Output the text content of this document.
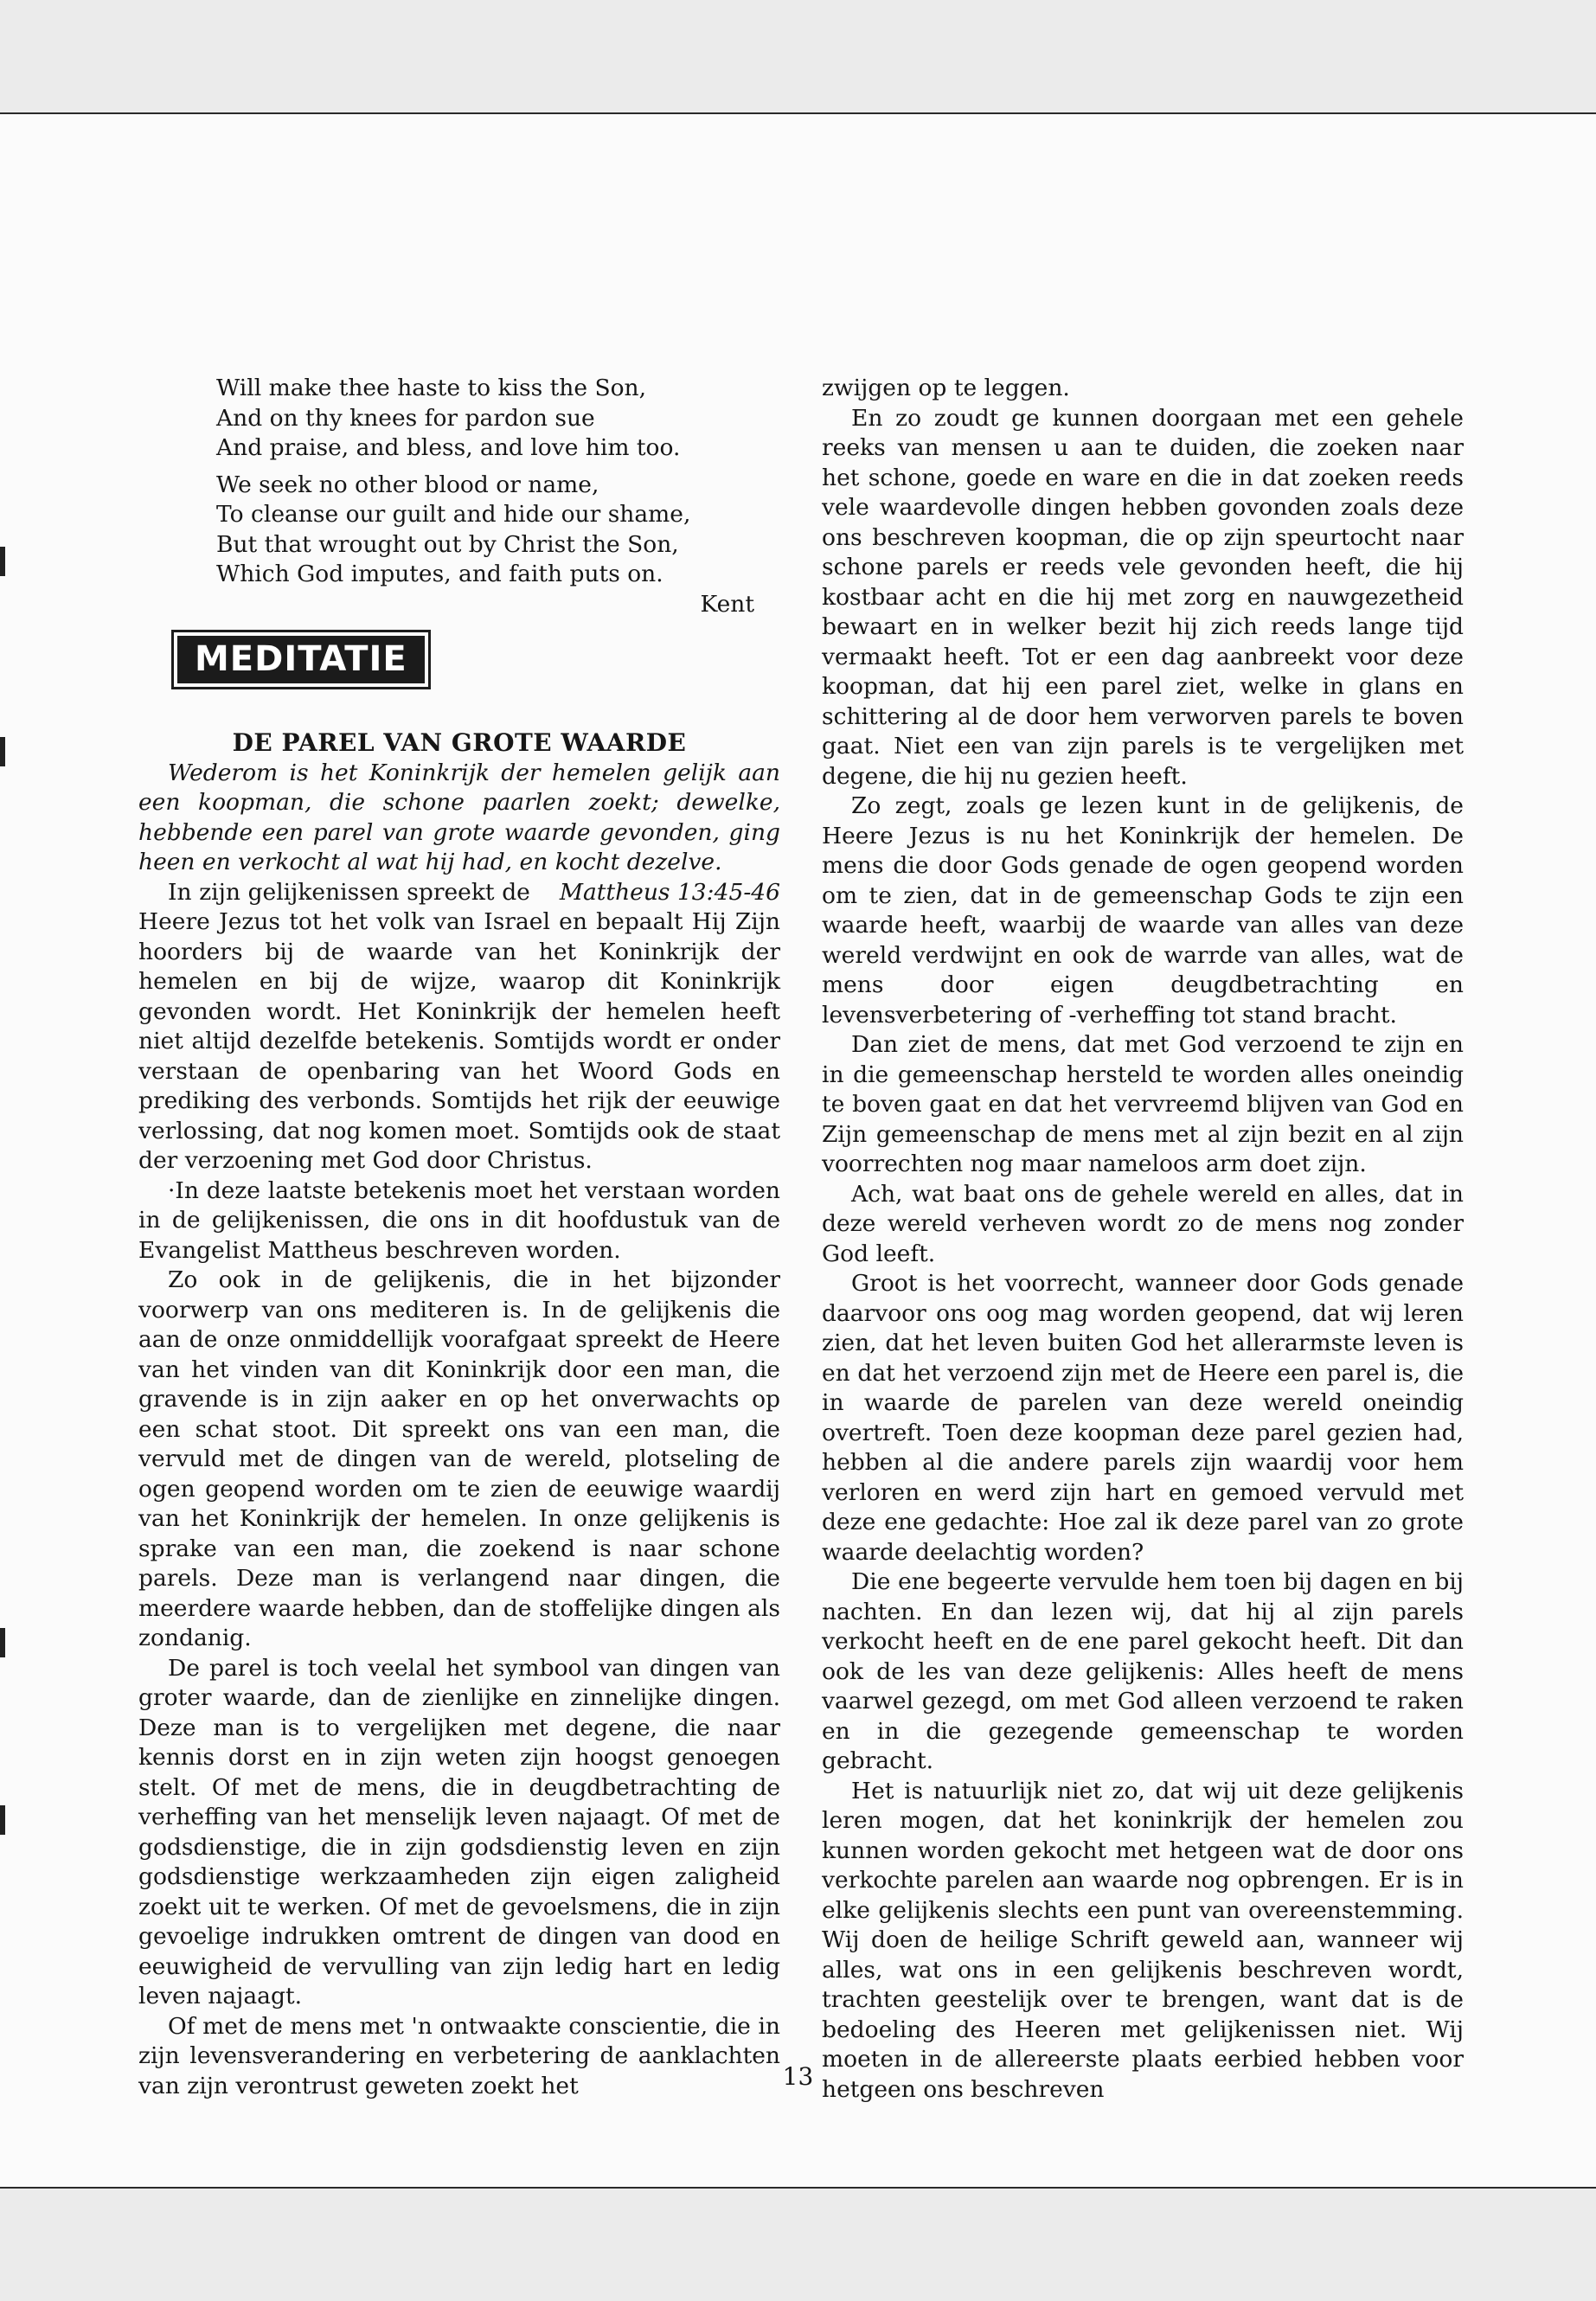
Will make thee haste to kiss the Son,
And on thy knees for pardon sue
And praise, and bless, and love him too.
We seek no other blood or name,
To cleanse our guilt and hide our shame,
But that wrought out by Christ the Son,
Which God imputes, and faith puts on.
Kent
MEDITATIE
DE PAREL VAN GROTE WAARDE

Wederom is het Koninkrijk der hemelen gelijk aan een koopman, die schone paarlen zoekt; dewelke, hebbende een parel van grote waarde gevonden, ging heen en verkocht al wat hij had, en kocht dezelve.
Mattheus 13:45-46

In zijn gelijkenissen spreekt de Heere Jezus tot het volk van Israel en bepaalt Hij Zijn hoorders bij de waarde van het Koninkrijk der hemelen en bij de wijze, waarop dit Koninkrijk gevonden wordt. Het Koninkrijk der hemelen heeft niet altijd dezelfde betekenis. Somtijds wordt er onder verstaan de openbaring van het Woord Gods en prediking des verbonds. Somtijds het rijk der eeuwige verlossing, dat nog komen moet. Somtijds ook de staat der verzoening met God door Christus.

·In deze laatste betekenis moet het verstaan worden in de gelijkenissen, die ons in dit hoofdustuk van de Evangelist Mattheus beschreven worden.

Zo ook in de gelijkenis, die in het bijzonder voorwerp van ons mediteren is. In de gelijkenis die aan de onze onmiddellijk voorafgaat spreekt de Heere van het vinden van dit Koninkrijk door een man, die gravende is in zijn aaker en op het onverwachts op een schat stoot. Dit spreekt ons van een man, die vervuld met de dingen van de wereld, plotseling de ogen geopend worden om te zien de eeuwige waardij van het Koninkrijk der hemelen. In onze gelijkenis is sprake van een man, die zoekend is naar schone parels. Deze man is verlangend naar dingen, die meerdere waarde hebben, dan de stoffelijke dingen als zondanig.

De parel is toch veelal het symbool van dingen van groter waarde, dan de zienlijke en zinnelijke dingen. Deze man is to vergelijken met degene, die naar kennis dorst en in zijn weten zijn hoogst genoegen stelt. Of met de mens, die in deugdbetrachting de verheffing van het menselijk leven najaagt. Of met de godsdienstige, die in zijn godsdienstig leven en zijn godsdienstige werkzaamheden zijn eigen zaligheid zoekt uit te werken. Of met de gevoelsmens, die in zijn gevoelige indrukken omtrent de dingen van dood en eeuwigheid de vervulling van zijn ledig hart en ledig leven najaagt.

Of met de mens met 'n ontwaakte conscientie, die in zijn levensverandering en verbetering de aanklachten van zijn verontrust geweten zoekt het

zwijgen op te leggen.

En zo zoudt ge kunnen doorgaan met een gehele reeks van mensen u aan te duiden, die zoeken naar het schone, goede en ware en die in dat zoeken reeds vele waardevolle dingen hebben govonden zoals deze ons beschreven koopman, die op zijn speurtocht naar schone parels er reeds vele gevonden heeft, die hij kostbaar acht en die hij met zorg en nauwgezetheid bewaart en in welker bezit hij zich reeds lange tijd vermaakt heeft. Tot er een dag aanbreekt voor deze koopman, dat hij een parel ziet, welke in glans en schittering al de door hem verworven parels te boven gaat. Niet een van zijn parels is te vergelijken met degene, die hij nu gezien heeft.

Zo zegt, zoals ge lezen kunt in de gelijkenis, de Heere Jezus is nu het Koninkrijk der hemelen. De mens die door Gods genade de ogen geopend worden om te zien, dat in de gemeenschap Gods te zijn een waarde heeft, waarbij de waarde van alles van deze wereld verdwijnt en ook de warrde van alles, wat de mens door eigen deugdbetrachting en levensverbetering of -verheffing tot stand bracht.

Dan ziet de mens, dat met God verzoend te zijn en in die gemeenschap hersteld te worden alles oneindig te boven gaat en dat het vervreemd blijven van God en Zijn gemeenschap de mens met al zijn bezit en al zijn voorrechten nog maar nameloos arm doet zijn.

Ach, wat baat ons de gehele wereld en alles, dat in deze wereld verheven wordt zo de mens nog zonder God leeft.

Groot is het voorrecht, wanneer door Gods genade daarvoor ons oog mag worden geopend, dat wij leren zien, dat het leven buiten God het allerarmste leven is en dat het verzoend zijn met de Heere een parel is, die in waarde de parelen van deze wereld oneindig overtreft. Toen deze koopman deze parel gezien had, hebben al die andere parels zijn waardij voor hem verloren en werd zijn hart en gemoed vervuld met deze ene gedachte: Hoe zal ik deze parel van zo grote waarde deelachtig worden?

Die ene begeerte vervulde hem toen bij dagen en bij nachten. En dan lezen wij, dat hij al zijn parels verkocht heeft en de ene parel gekocht heeft. Dit dan ook de les van deze gelijkenis: Alles heeft de mens vaarwel gezegd, om met God alleen verzoend te raken en in die gezegende gemeenschap te worden gebracht.

Het is natuurlijk niet zo, dat wij uit deze gelijkenis leren mogen, dat het koninkrijk der hemelen zou kunnen worden gekocht met hetgeen wat de door ons verkochte parelen aan waarde nog opbrengen. Er is in elke gelijkenis slechts een punt van overeenstemming. Wij doen de heilige Schrift geweld aan, wanneer wij alles, wat ons in een gelijkenis beschreven wordt, trachten geestelijk over te brengen, want dat is de bedoeling des Heeren met gelijkenissen niet. Wij moeten in de allereerste plaats eerbied hebben voor hetgeen ons beschreven

13
